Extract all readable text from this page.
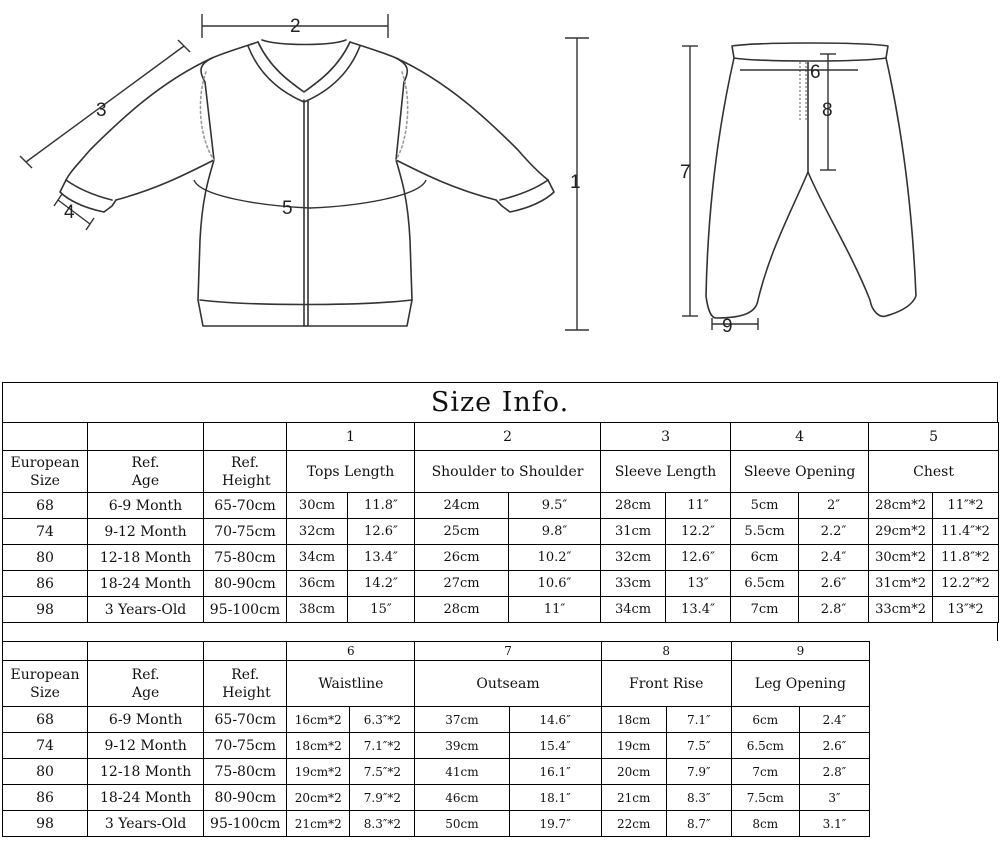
2
3
4	5
1	7
6
8
9
Size Info.
			1		2		3		4		5	
European Size	Ref. Age	Ref. Height	Tops Length		Shoulder to Shoulder		Sleeve Length		Sleeve Opening		Chest	
68	6-9 Month	65-70cm	30cm	11.8″	24cm	9.5″	28cm	11″	5cm	2″	28cm*2	11″*2
74	9-12 Month	70-75cm	32cm	12.6″	25cm	9.8″	31cm	12.2″	5.5cm	2.2″	29cm*2	11.4″*2
80	12-18 Month	75-80cm	34cm	13.4″	26cm	10.2″	32cm	12.6″	6cm	2.4″	30cm*2	11.8″*2
86	18-24 Month	80-90cm	36cm	14.2″	27cm	10.6″	33cm	13″	6.5cm	2.6″	31cm*2	12.2″*2
98	3 Years-Old	95-100cm	38cm	15″	28cm	11″	34cm	13.4″	7cm	2.8″	33cm*2	13″*2
			6		7		8		9	
European Size	Ref. Age	Ref. Height	Waistline		Outseam		Front Rise		Leg Opening	
68	6-9 Month	65-70cm	16cm*2	6.3″*2	37cm	14.6″	18cm	7.1″	6cm	2.4″
74	9-12 Month	70-75cm	18cm*2	7.1″*2	39cm	15.4″	19cm	7.5″	6.5cm	2.6″
80	12-18 Month	75-80cm	19cm*2	7.5″*2	41cm	16.1″	20cm	7.9″	7cm	2.8″
86	18-24 Month	80-90cm	20cm*2	7.9″*2	46cm	18.1″	21cm	8.3″	7.5cm	3″
98	3 Years-Old	95-100cm	21cm*2	8.3″*2	50cm	19.7″	22cm	8.7″	8cm	3.1″
